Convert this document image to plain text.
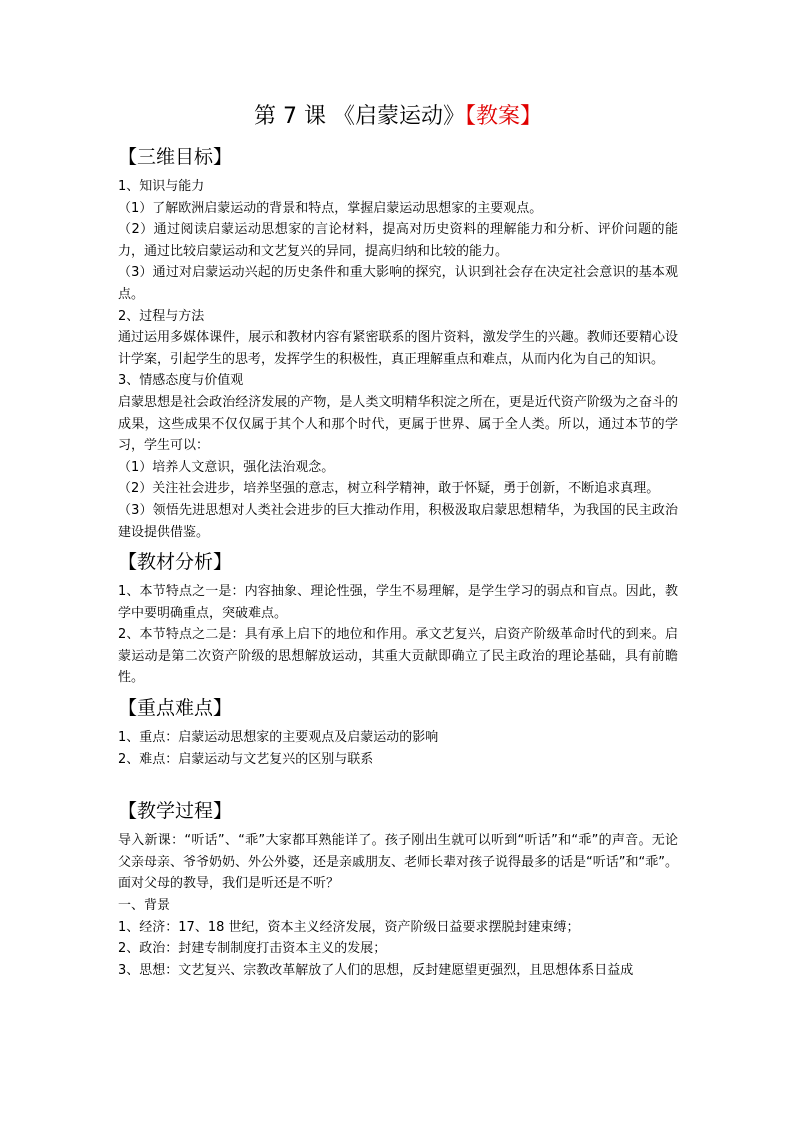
第 7 课 《启蒙运动》【教案】
【三维目标】

1、知识与能力

（1）了解欧洲启蒙运动的背景和特点，掌握启蒙运动思想家的主要观点。

（2）通过阅读启蒙运动思想家的言论材料，提高对历史资料的理解能力和分析、评价问题的能力，通过比较启蒙运动和文艺复兴的异同，提高归纳和比较的能力。

（3）通过对启蒙运动兴起的历史条件和重大影响的探究，认识到社会存在决定社会意识的基本观点。

2、过程与方法

通过运用多媒体课件，展示和教材内容有紧密联系的图片资料，激发学生的兴趣。教师还要精心设计学案，引起学生的思考，发挥学生的积极性，真正理解重点和难点，从而内化为自己的知识。

3、情感态度与价值观

启蒙思想是社会政治经济发展的产物，是人类文明精华积淀之所在，更是近代资产阶级为之奋斗的成果，这些成果不仅仅属于其个人和那个时代，更属于世界、属于全人类。所以，通过本节的学习，学生可以：

（1）培养人文意识，强化法治观念。

（2）关注社会进步，培养坚强的意志，树立科学精神，敢于怀疑，勇于创新，不断追求真理。

（3）领悟先进思想对人类社会进步的巨大推动作用，积极汲取启蒙思想精华，为我国的民主政治建设提供借鉴。

【教材分析】

1、本节特点之一是：内容抽象、理论性强，学生不易理解，是学生学习的弱点和盲点。因此，教学中要明确重点，突破难点。

2、本节特点之二是：具有承上启下的地位和作用。承文艺复兴，启资产阶级革命时代的到来。启蒙运动是第二次资产阶级的思想解放运动，其重大贡献即确立了民主政治的理论基础，具有前瞻性。

【重点难点】

1、重点：启蒙运动思想家的主要观点及启蒙运动的影响

2、难点：启蒙运动与文艺复兴的区别与联系

【教学过程】

导入新课：“听话”、“乖”大家都耳熟能详了。孩子刚出生就可以听到“听话”和“乖”的声音。无论父亲母亲、爷爷奶奶、外公外婆，还是亲戚朋友、老师长辈对孩子说得最多的话是“听话”和“乖”。面对父母的教导，我们是听还是不听？

一、背景

1、经济：17、18 世纪，资本主义经济发展，资产阶级日益要求摆脱封建束缚；

2、政治：封建专制制度打击资本主义的发展；

3、思想：文艺复兴、宗教改革解放了人们的思想，反封建愿望更强烈，且思想体系日益成
